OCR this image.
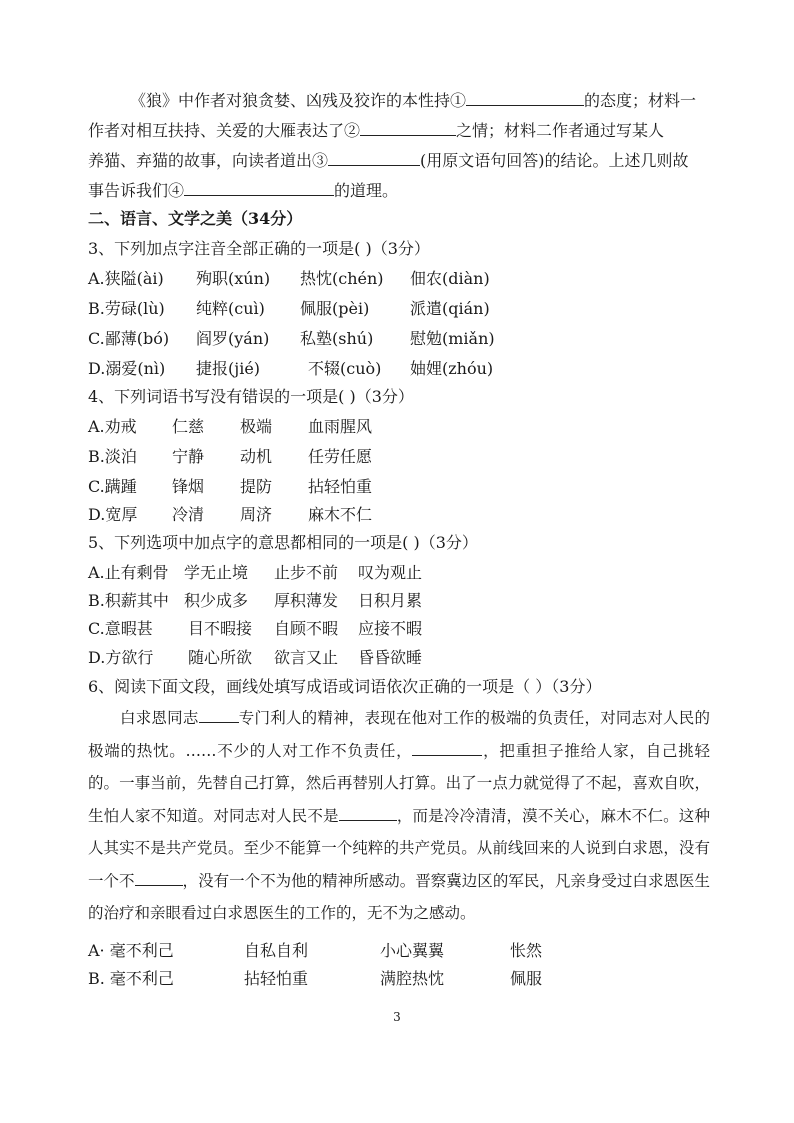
《狼》中作者对狼贪婪、凶残及狡诈的本性持①	的态度；材料一

作者对相互扶持、关爱的大雁表达了②	之情；材料二作者通过写某人

养猫、弃猫的故事，向读者道出③	(用原文语句回答)的结论。上述几则故

事告诉我们④	的道理。

二、语言、文学之美（34分）
3、下列加点字注音全部正确的一项是( )（3分）
A.狭隘(ài) 殉职(xún) 热忱(chén) 佃农(diàn)
B.劳碌(lù) 纯粹(cuì) 佩服(pèi)	派遣(qián)
C.鄙薄(bó) 阎罗(yán) 私塾(shú) 慰勉(miǎn)
D.溺爱(nì) 捷报(jié)	不辍(cuò) 妯娌(zhóu)
4、下列词语书写没有错误的一项是( )（3分）
A.劝戒 仁慈 极端 血雨腥风
B.淡泊 宁静 动机 任劳任愿
C.蹒踵 锋烟 提防 拈轻怕重
D.宽厚 冷清 周济 麻木不仁
5、下列选项中加点字的意思都相同的一项是( )（3分）
A.止有剩骨 学无止境 止步不前 叹为观止
B.积薪其中 积少成多 厚积薄发 日积月累
C.意暇甚 目不暇接 自顾不暇 应接不暇
D.方欲行 随心所欲 欲言又止 昏昏欲睡
6、阅读下面文段，画线处填写成语或词语依次正确的一项是（ ）（3分）

白求恩同志	专门利人的精神，表现在他对工作的极端的负责任，对同志对人民的极端的热忱。……不少的人对工作不负责任，	，把重担子推给人家，自己挑轻的。一事当前，先替自己打算，然后再替别人打算。出了一点力就觉得了不起，喜欢自吹，生怕人家不知道。对同志对人民不是	，而是冷冷清清，漠不关心，麻木不仁。这种人其实不是共产党员。至少不能算一个纯粹的共产党员。从前线回来的人说到白求恩，没有一个不	，没有一个不为他的精神所感动。晋察冀边区的军民，凡亲身受过白求恩医生的治疗和亲眼看过白求恩医生的工作的，无不为之感动。

A· 毫不利己	自私自利	小心翼翼	怅然
B. 毫不利己	拈轻怕重	满腔热忱	佩服
3
